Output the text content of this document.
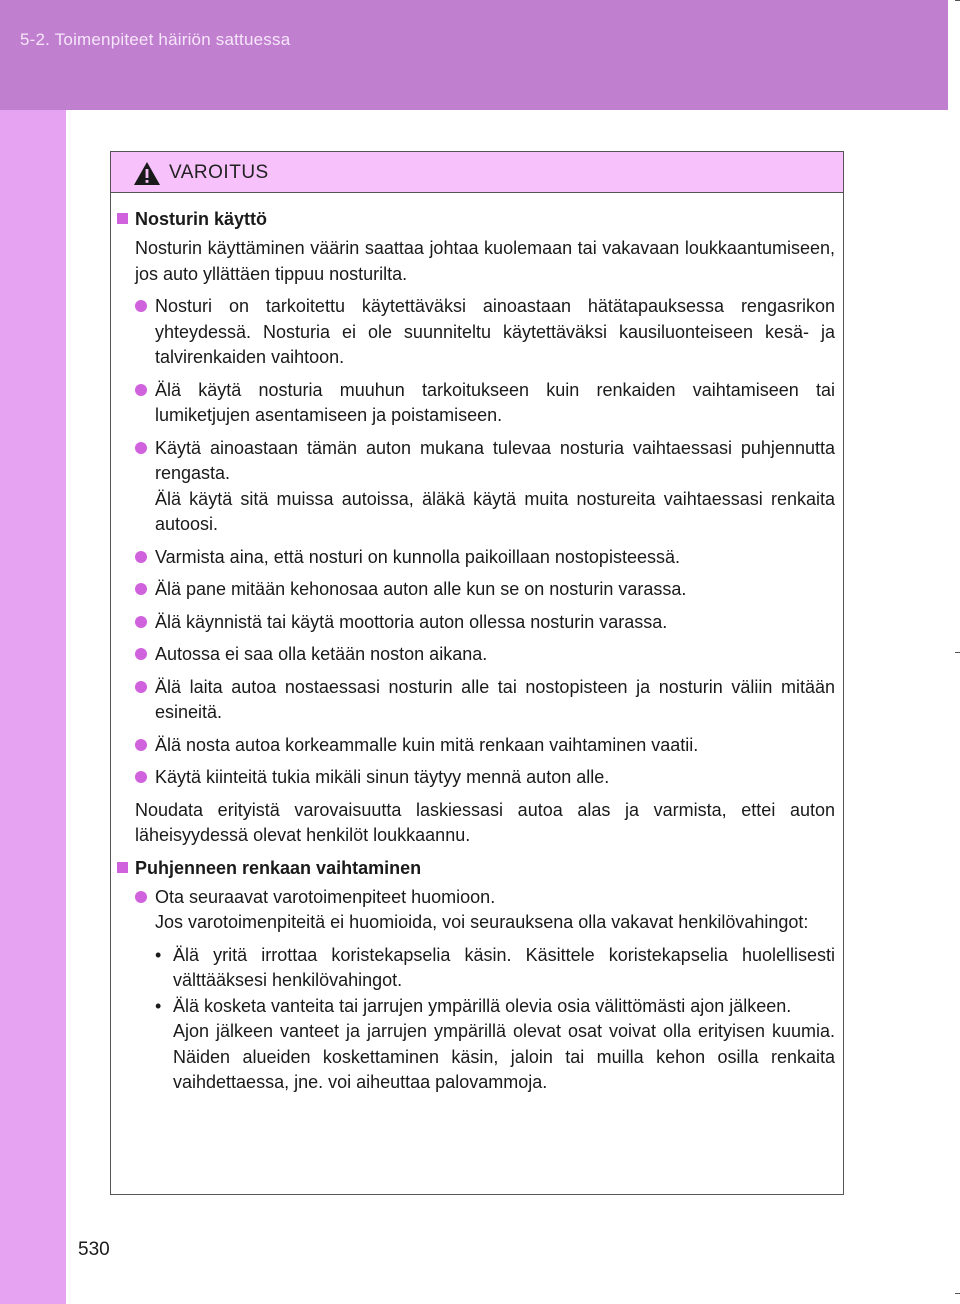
5-2. Toimenpiteet häiriön sattuessa
VAROITUS
Nosturin käyttö
Nosturin käyttäminen väärin saattaa johtaa kuolemaan tai vakavaan loukkaantumiseen, jos auto yllättäen tippuu nosturilta.
Nosturi on tarkoitettu käytettäväksi ainoastaan hätätapauksessa rengasrikon yhteydessä. Nosturia ei ole suunniteltu käytettäväksi kausiluonteiseen kesä- ja talvirenkaiden vaihtoon.
Älä käytä nosturia muuhun tarkoitukseen kuin renkaiden vaihtamiseen tai lumiketjujen asentamiseen ja poistamiseen.
Käytä ainoastaan tämän auton mukana tulevaa nosturia vaihtaessasi puhjennutta rengasta.
Älä käytä sitä muissa autoissa, äläkä käytä muita nostureita vaihtaessasi renkaita autoosi.
Varmista aina, että nosturi on kunnolla paikoillaan nostopisteessä.
Älä pane mitään kehonosaa auton alle kun se on nosturin varassa.
Älä käynnistä tai käytä moottoria auton ollessa nosturin varassa.
Autossa ei saa olla ketään noston aikana.
Älä laita autoa nostaessasi nosturin alle tai nostopisteen ja nosturin väliin mitään esineitä.
Älä nosta autoa korkeammalle kuin mitä renkaan vaihtaminen vaatii.
Käytä kiinteitä tukia mikäli sinun täytyy mennä auton alle.
Noudata erityistä varovaisuutta laskiessasi autoa alas ja varmista, ettei auton läheisyydessä olevat henkilöt loukkaannu.
Puhjenneen renkaan vaihtaminen
Ota seuraavat varotoimenpiteet huomioon.
Jos varotoimenpiteitä ei huomioida, voi seurauksena olla vakavat henkilövahingot:
• Älä yritä irrottaa koristekapselia käsin. Käsittele koristekapselia huolellisesti välttääksesi henkilövahingot.
• Älä kosketa vanteita tai jarrujen ympärillä olevia osia välittömästi ajon jälkeen.
Ajon jälkeen vanteet ja jarrujen ympärillä olevat osat voivat olla erityisen kuumia. Näiden alueiden koskettaminen käsin, jaloin tai muilla kehon osilla renkaita vaihdettaessa, jne. voi aiheuttaa palovammoja.
530
